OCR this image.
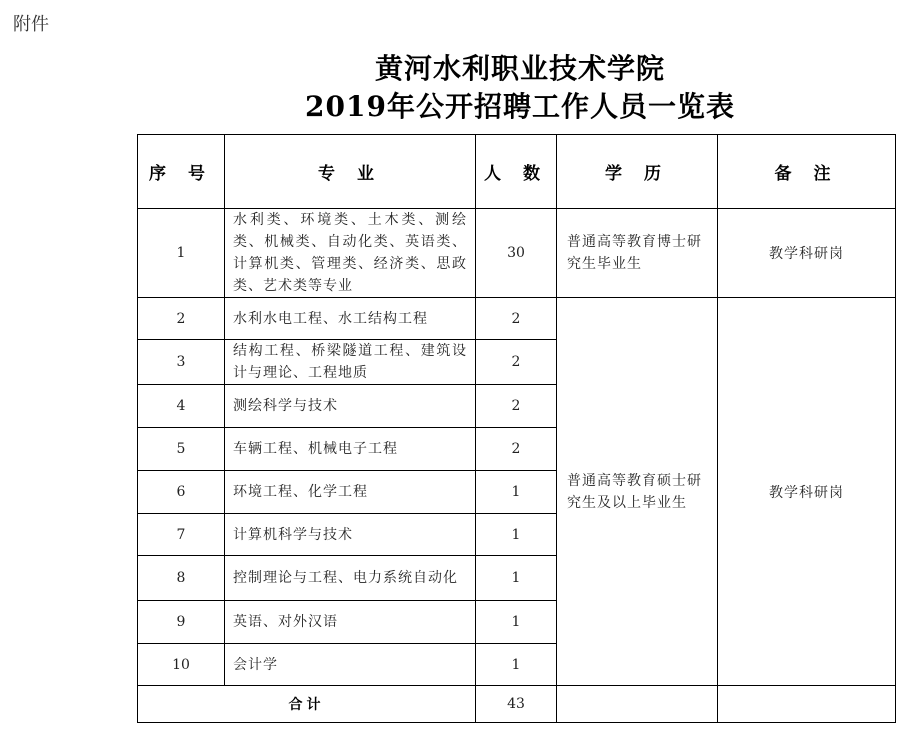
附件
黄河水利职业技术学院
2019年公开招聘工作人员一览表
序 号	专 业	人 数	学 历	备 注
1	水利类、环境类、土木类、测绘类、机械类、自动化类、英语类、计算机类、管理类、经济类、思政类、艺术类等专业	30	普通高等教育博士研究生毕业生	教学科研岗
2	水利水电工程、水工结构工程	2	普通高等教育硕士研究生及以上毕业生	教学科研岗
3	结构工程、桥梁隧道工程、建筑设计与理论、工程地质	2		
4	测绘科学与技术	2		
5	车辆工程、机械电子工程	2		
6	环境工程、化学工程	1		
7	计算机科学与技术	1		
8	控制理论与工程、电力系统自动化	1		
9	英语、对外汉语	1		
10	会计学	1		
合计		43		
